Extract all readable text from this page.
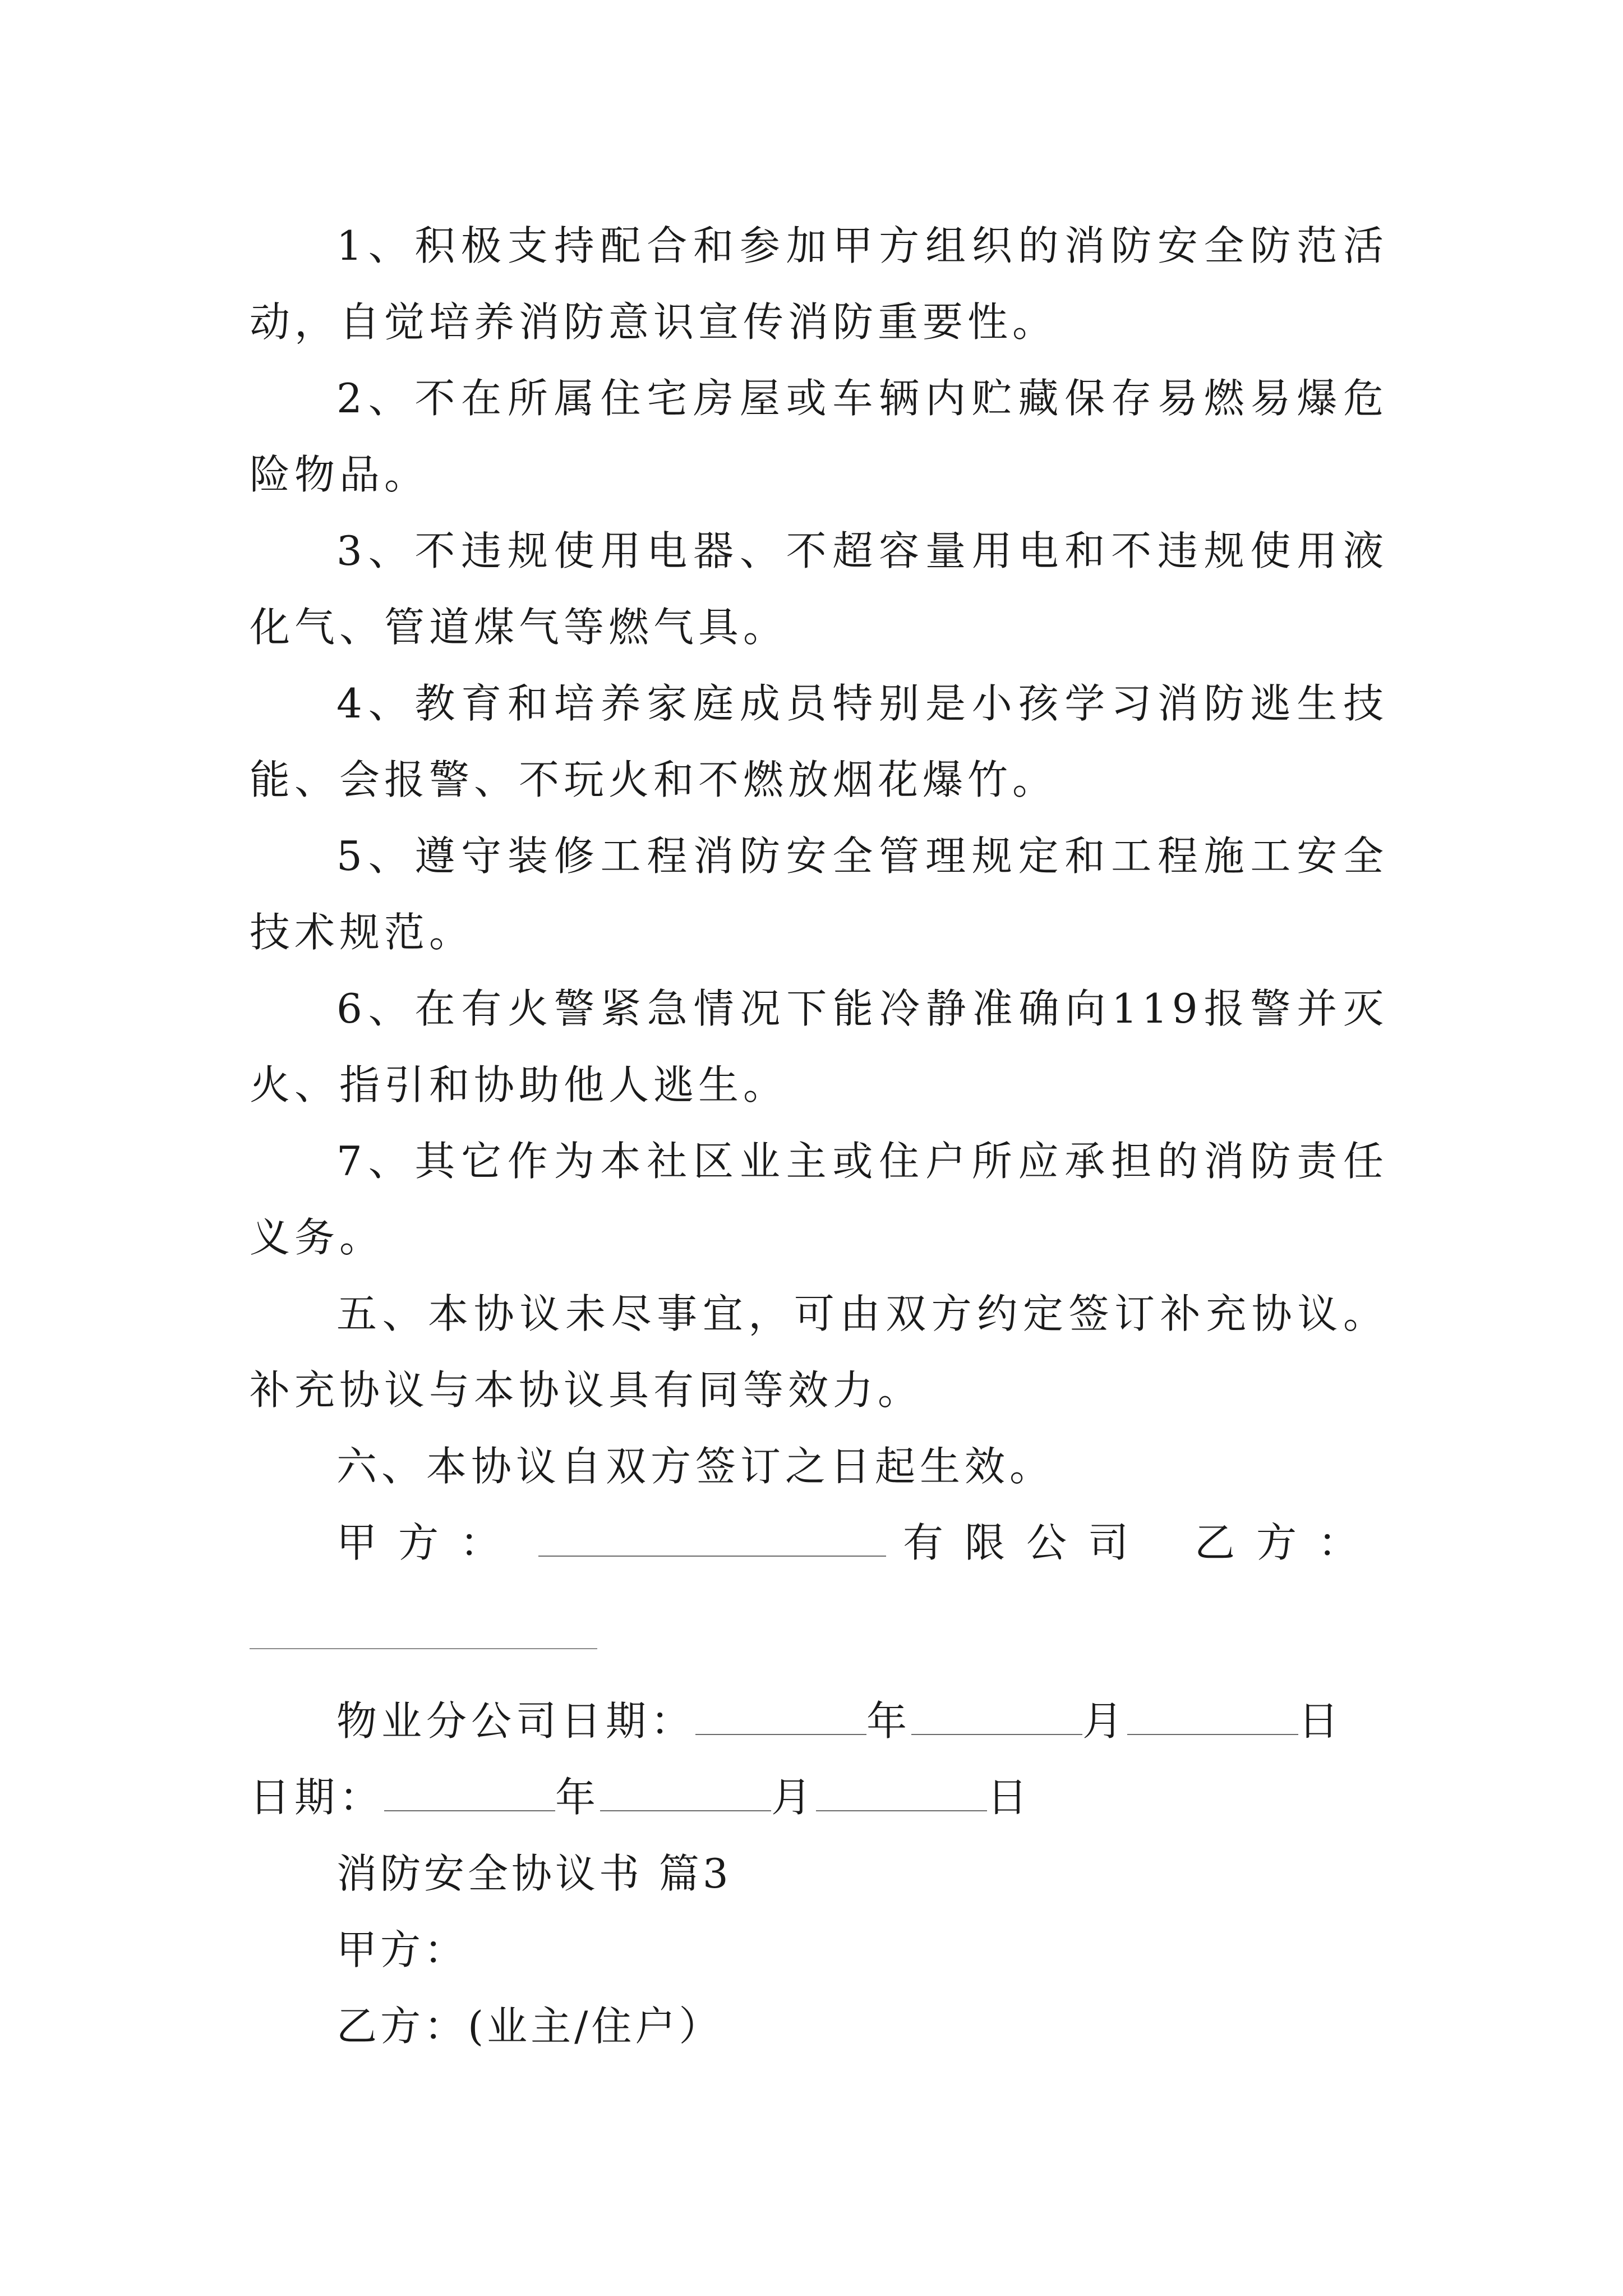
1、积极支持配合和参加甲方组织的消防安全防范活动，自觉培养消防意识宣传消防重要性。

2、不在所属住宅房屋或车辆内贮藏保存易燃易爆危险物品。

3、不违规使用电器、不超容量用电和不违规使用液化气、管道煤气等燃气具。

4、教育和培养家庭成员特别是小孩学习消防逃生技能、会报警、不玩火和不燃放烟花爆竹。

5、遵守装修工程消防安全管理规定和工程施工安全技术规范。

6、在有火警紧急情况下能冷静准确向119报警并灭火、指引和协助他人逃生。

7、其它作为本社区业主或住户所应承担的消防责任义务。

五、本协议未尽事宜，可由双方约定签订补充协议。补充协议与本协议具有同等效力。

六、本协议自双方签订之日起生效。

甲方：	有限公司 乙方：

物业分公司日期：	年	月	日

日期：	年	月	日

消防安全协议书 篇3

甲方：

乙方：(业主/住户）
